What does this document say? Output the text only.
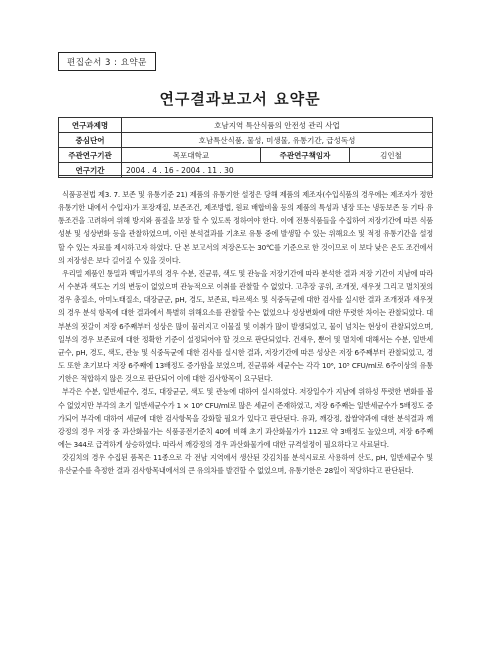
편집순서 3 : 요약문
연구결과보고서 요약문
연구과제명	호남지역 특산식품의 안전성 관리 사업		
중심단어	호남특산식품, 물성, 미생물, 유통기간, 급성독성		
주관연구기관	목포대학교	주관연구책임자	김인철
연구기간	2004 . 4 . 16 - 2004 . 11 . 30		

식품공전법 제3. 7. 보존 및 유통기준 21) 제품의 유통기한 설정은 당해 제품의 제조자(수입식품의 경우에는 제조자가 정한 유통기한 내에서 수입자)가 포장재질, 보존조건, 제조방법, 원료 배합비율 등의 제품의 특성과 냉장 또는 냉동보존 등 기타 유통조건을 고려하여 위해 방지와 품질을 보장 할 수 있도록 정하여야 한다. 이에 전통식품들을 수집하여 저장기간에 따른 식품성분 및 성상변화 등을 관찰하였으며, 이런 분석결과를 기초로 유통 중에 발생할 수 있는 위해요소 및 적정 유통기간을 설정할 수 있는 자료를 제시하고자 하였다. 단 본 보고서의 저장온도는 30℃를 기준으로 한 것이므로 이 보다 낮은 온도 조건에서의 저장성은 보다 길어질 수 있을 것이다.

우리밀 제품인 통밀과 백밀가루의 경우 수분, 진균류, 색도 및 관능을 저장기간에 따라 분석한 결과 저장 기간이 지남에 따라서 수분과 색도는 기의 변동이 없었으며 관능적으로 이취를 관찰할 수 없었다. 고추장 공위, 조개젓, 새우젓 그리고 멸치젓의 경우 총질소, 아미노태질소, 대장균군, pH, 경도, 보존료, 타르색소 및 식중독균에 대한 검사를 실시한 결과 조개젓과 새우젓의 경우 분석 항목에 대한 결과에서 특별히 위해요소를 관찰할 수는 없었으나 성상변화에 대한 뚜렷한 차이는 관찰되었다. 대부분의 젓갈이 저장 6주째부터 성상은 많이 물러지고 이물질 및 이취가 많이 발생되었고, 물이 넘치는 현상이 관찰되었으며, 일부의 경우 보존료에 대한 정확한 기준이 설정되어야 할 것으로 판단되었다. 건새우, 뿐어 및 멸치에 대해서는 수분, 일반세균수, pH, 경도, 색도, 관능 및 식중독균에 대한 검사를 실시한 결과, 저장기간에 따른 성상은 저장 6주째부터 관찰되었고, 경도 또한 초기보다 저장 6주째에 13배정도 증가함을 보였으며, 진균류와 세균수는 각각 10⁶, 10⁵ CFU/ml로 6주이상의 유통기한은 적합하지 않은 것으로 판단되어 이에 대한 검사항목이 요구된다.

부각은 수분, 일반세균수, 경도, 대장균군, 색도 및 관능에 대하여 실시하였다. 저장일수가 지남에 위하성 뚜렷한 변화를 볼 수 없었지만 부각의 초기 일반세균수가 1 × 10⁶ CFU/ml로 많은 세균이 존재하였고, 저장 6주째는 일반세균수가 5배정도 증가되어 부각에 대하여 세균에 대한 검사항목을 강화할 필요가 있다고 판단된다. 유과, 깨강정, 찹쌀약과에 대한 분석결과 깨강정의 경우 저장 중 과산화물가는 식품공전기준치 40에 비해 초기 과산화물가가 112로 약 3배정도 높았으며, 저장 6주째에는 344로 급격하게 상승하였다. 따라서 깨강정의 경우 과산화물가에 대한 규격설정이 필요하다고 사료된다.

갓김치의 경우 수집된 품목은 11종으로 각 전남 지역에서 생산된 갓김치를 분석시료로 사용하여 산도, pH, 일반세균수 및 유산균수를 측정한 결과 검사항목내에서의 큰 유의차를 발견할 수 없었으며, 유통기한은 28일이 적당하다고 판단된다.
